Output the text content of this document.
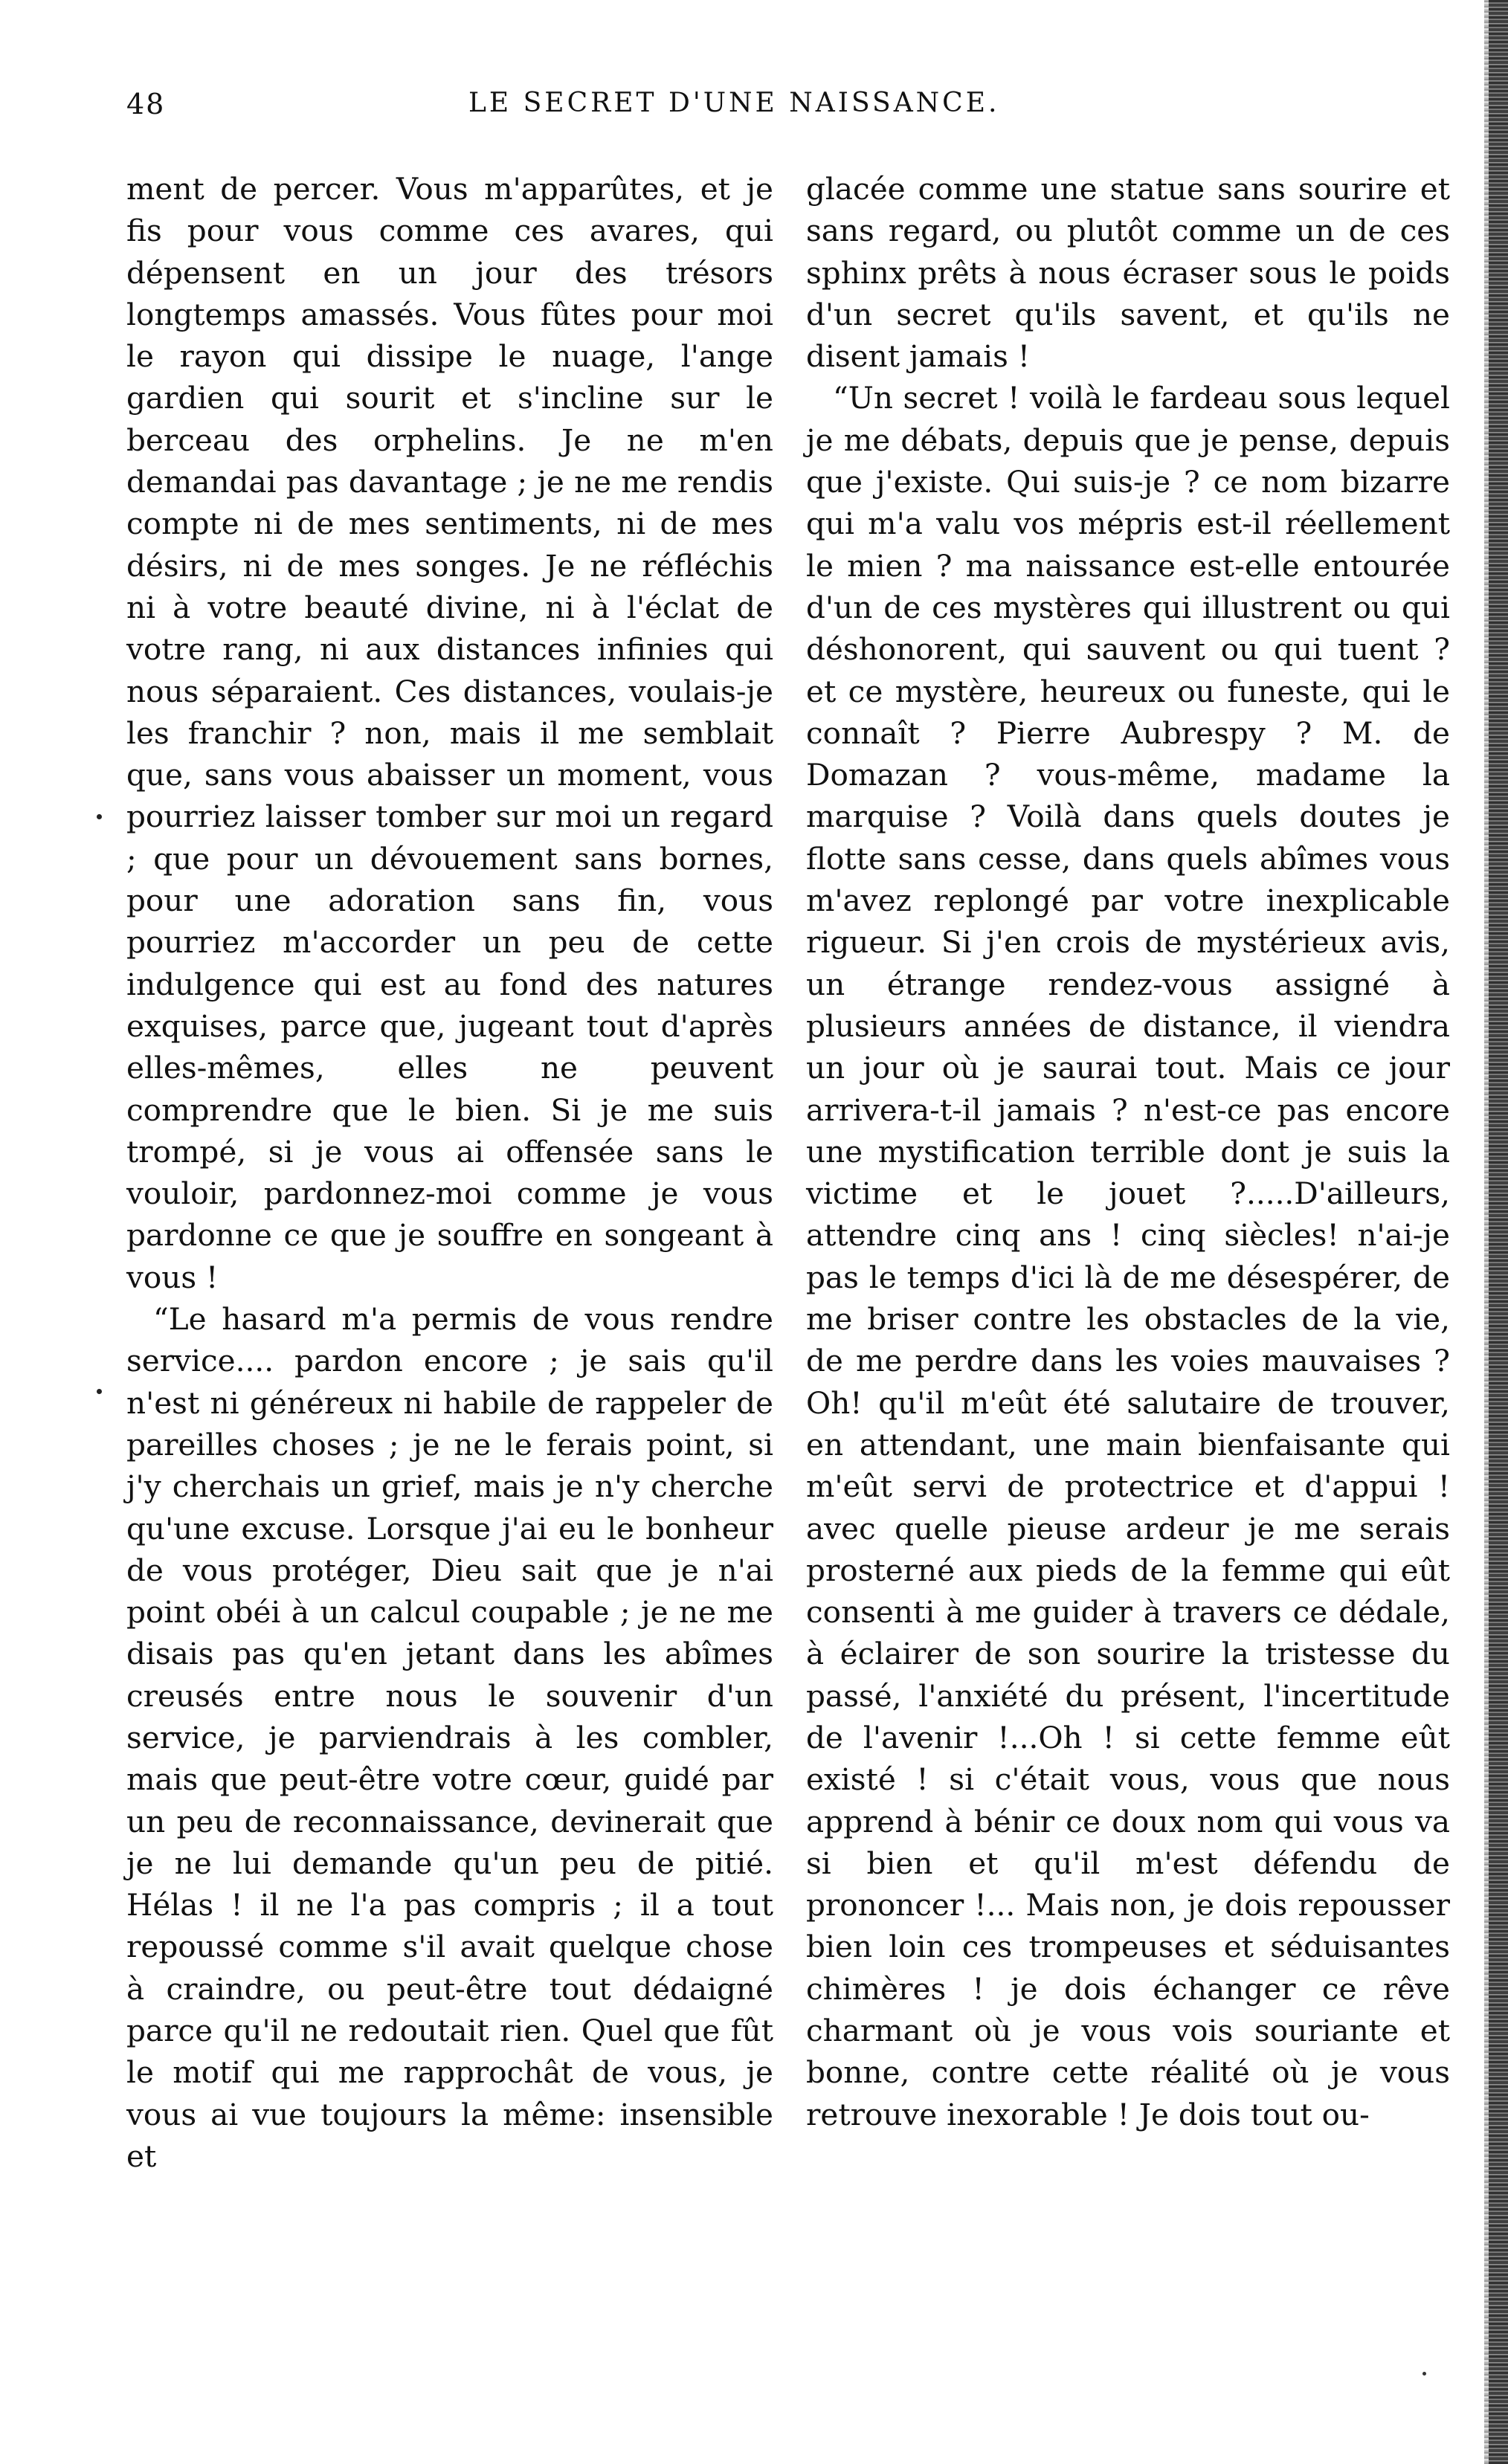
48	LE SECRET D'UNE NAISSANCE.

ment de percer. Vous m'apparûtes, et je fis pour vous comme ces avares, qui dépensent en un jour des trésors longtemps amassés. Vous fûtes pour moi le rayon qui dissipe le nuage, l'ange gardien qui sourit et s'incline sur le berceau des orphelins. Je ne m'en demandai pas davantage ; je ne me rendis compte ni de mes sentiments, ni de mes désirs, ni de mes songes. Je ne réfléchis ni à votre beauté divine, ni à l'éclat de votre rang, ni aux distances infinies qui nous séparaient. Ces distances, voulais-je les franchir ? non, mais il me semblait que, sans vous abaisser un moment, vous pourriez laisser tomber sur moi un regard ; que pour un dévouement sans bornes, pour une adoration sans fin, vous pourriez m'accorder un peu de cette indulgence qui est au fond des natures exquises, parce que, jugeant tout d'après elles-mêmes, elles ne peuvent comprendre que le bien. Si je me suis trompé, si je vous ai offensée sans le vouloir, pardonnez-moi comme je vous pardonne ce que je souffre en songeant à vous !

“Le hasard m'a permis de vous rendre service.... pardon encore ; je sais qu'il n'est ni généreux ni habile de rappeler de pareilles choses ; je ne le ferais point, si j'y cherchais un grief, mais je n'y cherche qu'une excuse. Lorsque j'ai eu le bonheur de vous protéger, Dieu sait que je n'ai point obéi à un calcul coupable ; je ne me disais pas qu'en jetant dans les abîmes creusés entre nous le souvenir d'un service, je parviendrais à les combler, mais que peut-être votre cœur, guidé par un peu de reconnaissance, devinerait que je ne lui demande qu'un peu de pitié. Hélas ! il ne l'a pas compris ; il a tout repoussé comme s'il avait quelque chose à craindre, ou peut-être tout dédaigné parce qu'il ne redoutait rien. Quel que fût le motif qui me rapprochât de vous, je vous ai vue toujours la même: insensible et

glacée comme une statue sans sourire et sans regard, ou plutôt comme un de ces sphinx prêts à nous écraser sous le poids d'un secret qu'ils savent, et qu'ils ne disent jamais !

“Un secret ! voilà le fardeau sous lequel je me débats, depuis que je pense, depuis que j'existe. Qui suis-je ? ce nom bizarre qui m'a valu vos mépris est-il réellement le mien ? ma naissance est-elle entourée d'un de ces mystères qui illustrent ou qui déshonorent, qui sauvent ou qui tuent ? et ce mystère, heureux ou funeste, qui le connaît ? Pierre Aubrespy ? M. de Domazan ? vous-même, madame la marquise ? Voilà dans quels doutes je flotte sans cesse, dans quels abîmes vous m'avez replongé par votre inexplicable rigueur. Si j'en crois de mystérieux avis, un étrange rendez-vous assigné à plusieurs années de distance, il viendra un jour où je saurai tout. Mais ce jour arrivera-t-il jamais ? n'est-ce pas encore une mystification terrible dont je suis la victime et le jouet ?.....D'ailleurs, attendre cinq ans ! cinq siècles! n'ai-je pas le temps d'ici là de me désespérer, de me briser contre les obstacles de la vie, de me perdre dans les voies mauvaises ? Oh! qu'il m'eût été salutaire de trouver, en attendant, une main bienfaisante qui m'eût servi de protectrice et d'appui ! avec quelle pieuse ardeur je me serais prosterné aux pieds de la femme qui eût consenti à me guider à travers ce dédale, à éclairer de son sourire la tristesse du passé, l'anxiété du présent, l'incertitude de l'avenir !...Oh ! si cette femme eût existé ! si c'était vous, vous que nous apprend à bénir ce doux nom qui vous va si bien et qu'il m'est défendu de prononcer !... Mais non, je dois repousser bien loin ces trompeuses et séduisantes chimères ! je dois échanger ce rêve charmant où je vous vois souriante et bonne, contre cette réalité où je vous retrouve inexorable ! Je dois tout ou-
